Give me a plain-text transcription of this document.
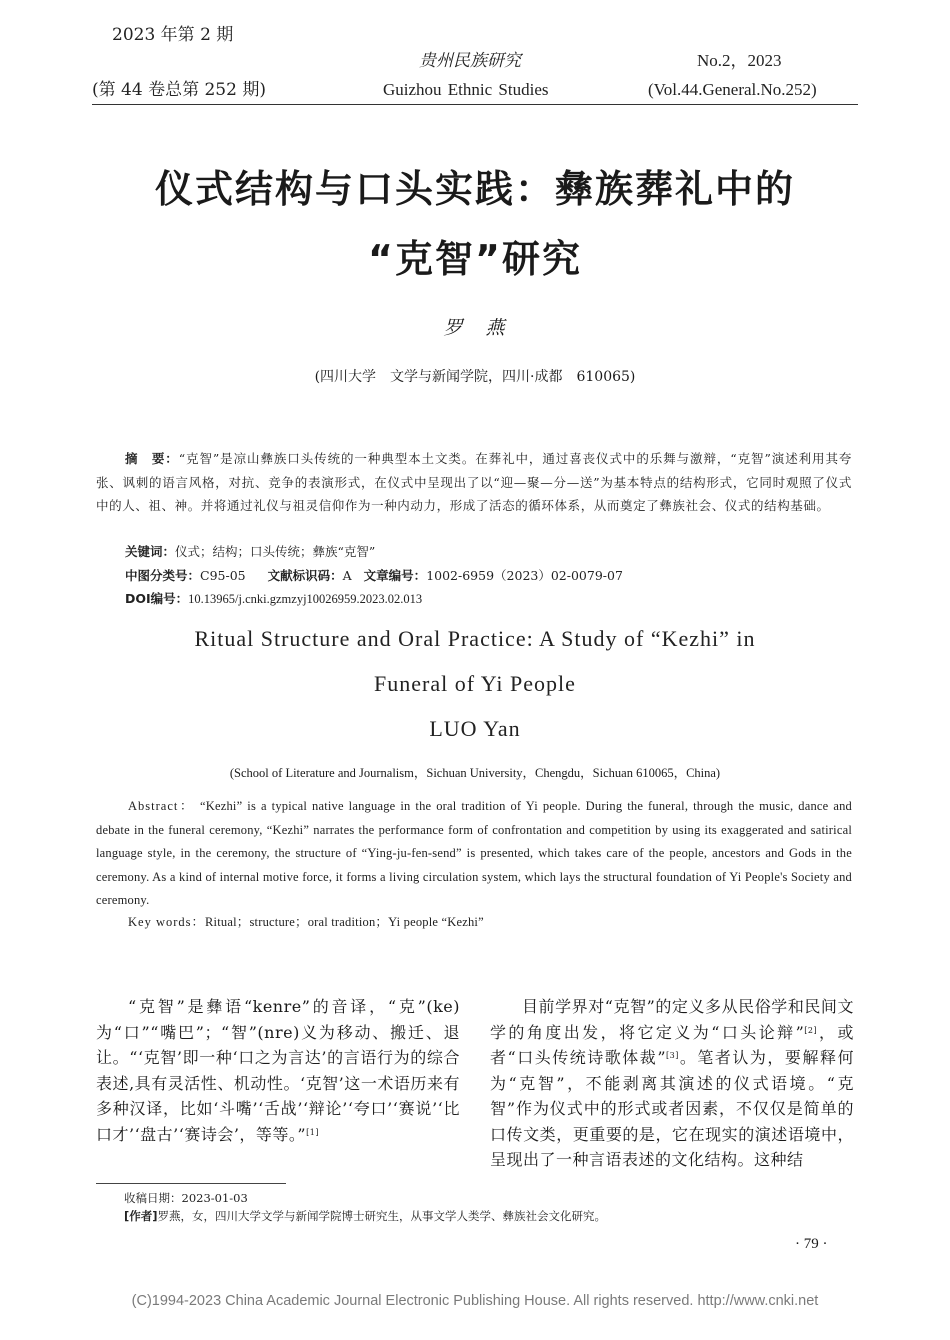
2023 年第 2 期
(第 44 卷总第 252 期)
贵州民族研究
Guizhou Ethnic Studies
No.2，2023
(Vol.44.General.No.252)
仪式结构与口头实践：彝族葬礼中的
“克智”研究
罗　燕
(四川大学　文学与新闻学院，四川·成都　610065)
摘　要：“克智”是凉山彝族口头传统的一种典型本土文类。在葬礼中，通过喜丧仪式中的乐舞与激辩，“克智”演述利用其夸张、讽刺的语言风格，对抗、竞争的表演形式，在仪式中呈现出了以“迎—聚—分—送”为基本特点的结构形式，它同时观照了仪式中的人、祖、神。并将通过礼仪与祖灵信仰作为一种内动力，形成了活态的循环体系，从而奠定了彝族社会、仪式的结构基础。
关键词：仪式；结构；口头传统；彝族“克智”
中图分类号：C95-05 文献标识码：A 文章编号：1002-6959（2023）02-0079-07
DOI编号：10.13965/j.cnki.gzmzyj10026959.2023.02.013
Ritual Structure and Oral Practice: A Study of “Kezhi” in
Funeral of Yi People
LUO Yan
(School of Literature and Journalism，Sichuan University，Chengdu，Sichuan 610065，China)
Abstract： “Kezhi” is a typical native language in the oral tradition of Yi people. During the funeral, through the music, dance and debate in the funeral ceremony, “Kezhi” narrates the performance form of confrontation and competition by using its exaggerated and satirical language style, in the ceremony, the structure of “Ying-ju-fen-send” is presented, which takes care of the people, ancestors and Gods in the ceremony. As a kind of internal motive force, it forms a living circulation system, which lays the structural foundation of Yi People's Society and ceremony.
Key words：Ritual；structure；oral tradition；Yi people “Kezhi”
“克智”是彝语“kenre”的音译，“克”(ke)为“口”“嘴巴”；“智”(nre)义为移动、搬迁、退让。“‘克智’即一种‘口之为言达’的言语行为的综合表述,具有灵活性、机动性。‘克智’这一术语历来有多种汉译，比如‘斗嘴’‘舌战’‘辩论’‘夸口’‘赛说’‘比口才’‘盘古’‘赛诗会’，等等。”[1]
目前学界对“克智”的定义多从民俗学和民间文学的角度出发，将它定义为“口头论辩”[2]，或者“口头传统诗歌体裁”[3]。笔者认为，要解释何为“克智”，不能剥离其演述的仪式语境。“克智”作为仪式中的形式或者因素，不仅仅是简单的口传文类，更重要的是，它在现实的演述语境中，呈现出了一种言语表述的文化结构。这种结
收稿日期：2023-01-03
[作者]罗燕，女，四川大学文学与新闻学院博士研究生，从事文学人类学、彝族社会文化研究。
· 79 ·
(C)1994-2023 China Academic Journal Electronic Publishing House. All rights reserved. http://www.cnki.net
